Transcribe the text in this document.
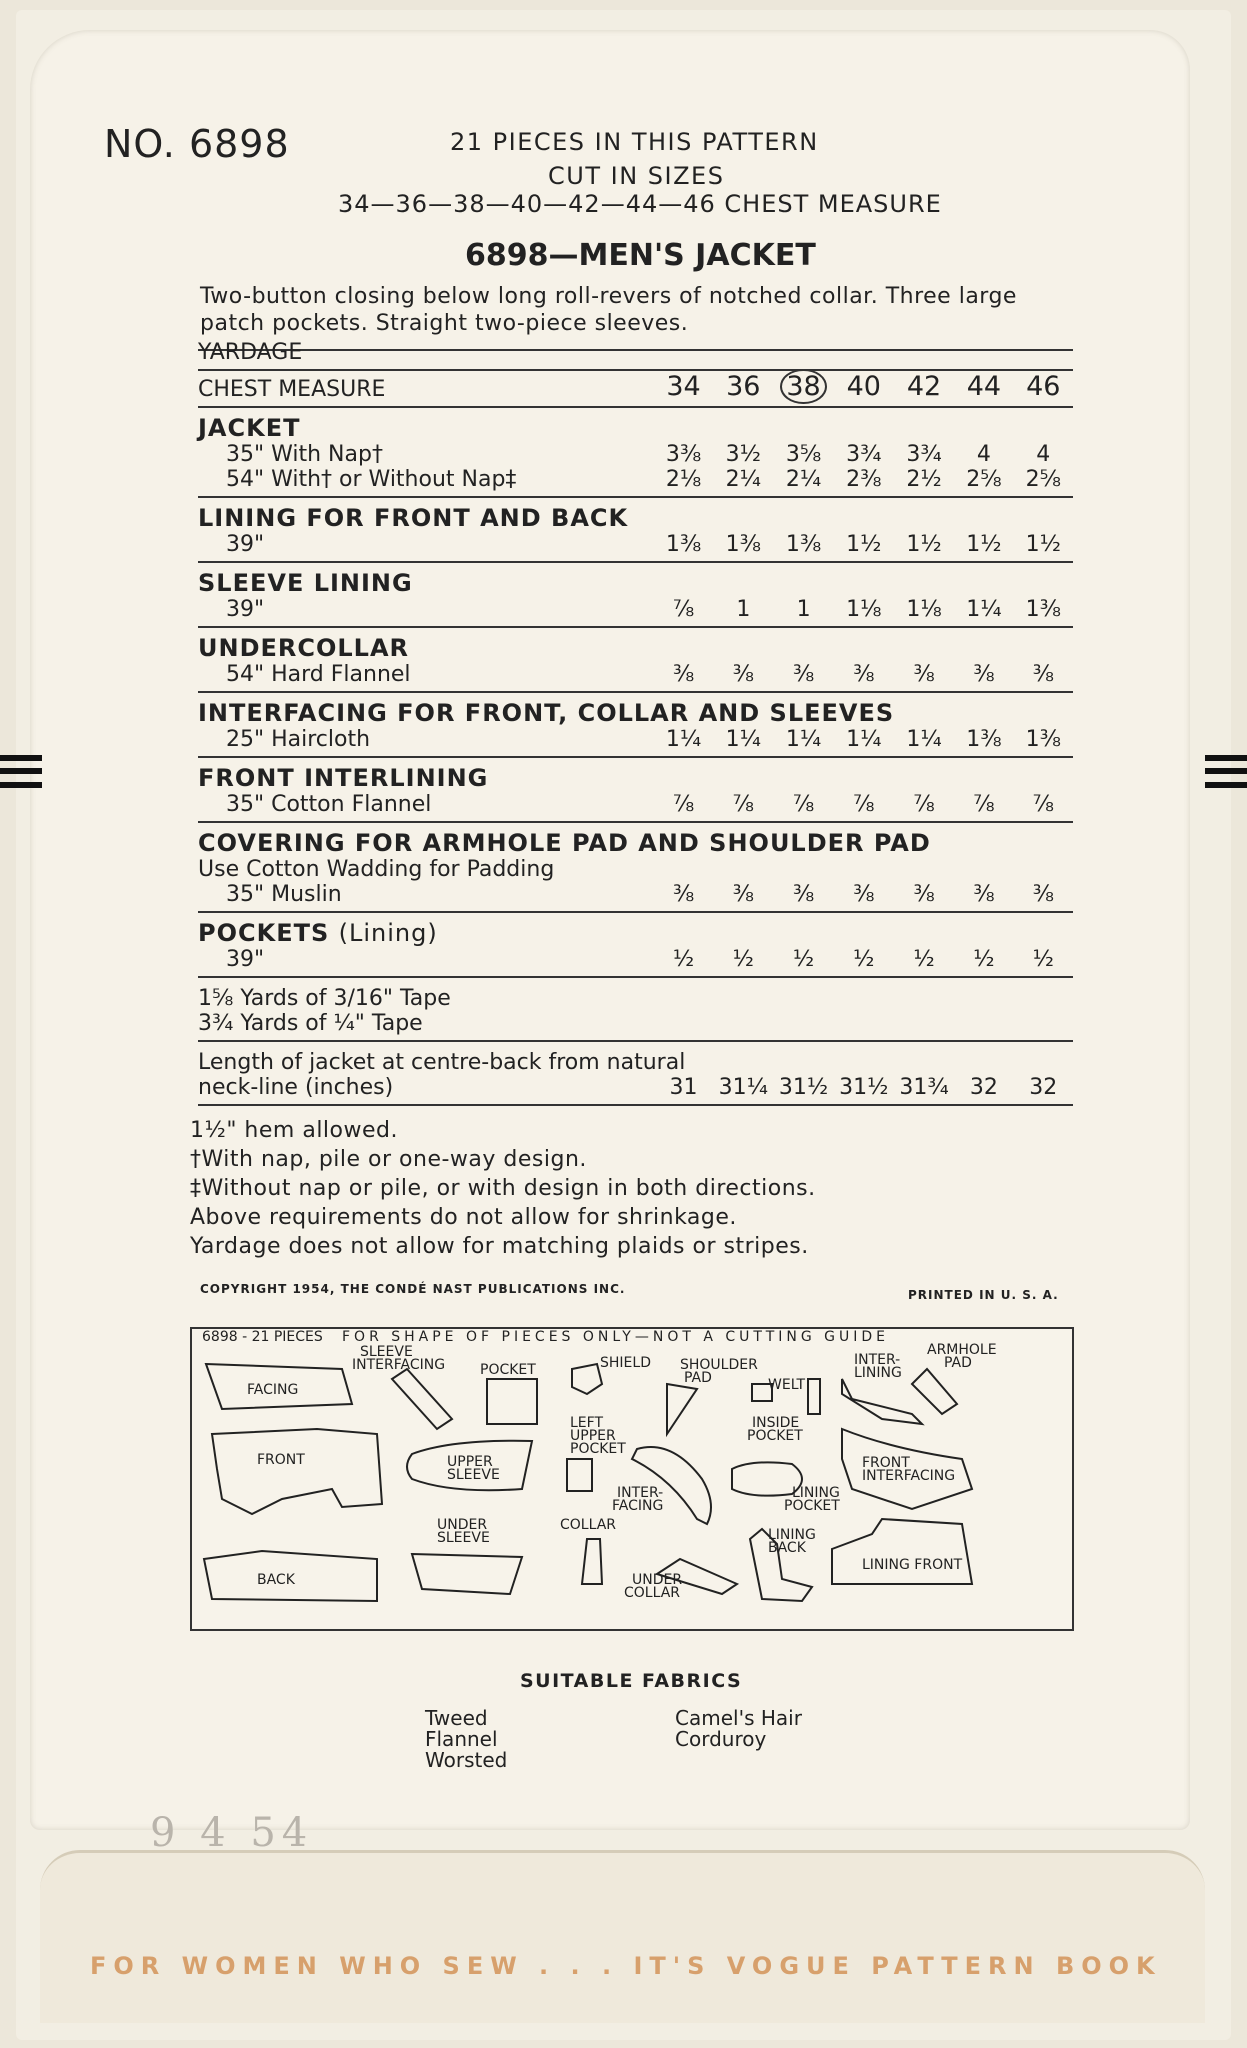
NO. 6898	21 PIECES IN THIS PATTERN
CUT IN SIZES
34—36—38—40—42—44—46 CHEST MEASURE
6898—MEN'S JACKET
Two-button closing below long roll-revers of notched collar. Three large patch pockets. Straight two-piece sleeves.
YARDAGE							
CHEST MEASURE	34	36	38	40	42	44	46
JACKET							
35" With Nap†	3⅜	3½	3⅝	3¾	3¾	4	4
54" With† or Without Nap‡	2⅛	2¼	2¼	2⅜	2½	2⅝	2⅝
LINING FOR FRONT AND BACK							
39"	1⅜	1⅜	1⅜	1½	1½	1½	1½
SLEEVE LINING							
39"	⅞	1	1	1⅛	1⅛	1¼	1⅜
UNDERCOLLAR							
54" Hard Flannel	⅜	⅜	⅜	⅜	⅜	⅜	⅜
INTERFACING FOR FRONT, COLLAR AND SLEEVES							
25" Haircloth	1¼	1¼	1¼	1¼	1¼	1⅜	1⅜
FRONT INTERLINING							
35" Cotton Flannel	⅞	⅞	⅞	⅞	⅞	⅞	⅞
COVERING FOR ARMHOLE PAD AND SHOULDER PAD							
Use Cotton Wadding for Padding							
35" Muslin	⅜	⅜	⅜	⅜	⅜	⅜	⅜
POCKETS (Lining)							
39"	½	½	½	½	½	½	½
1⅝ Yards of 3/16" Tape							
3¾ Yards of ¼" Tape							
Length of jacket at centre-back from natural							
neck-line (inches)	31	31¼	31½	31½	31¾	32	32
1½" hem allowed.
†With nap, pile or one-way design.
‡Without nap or pile, or with design in both directions.
Above requirements do not allow for shrinkage.
Yardage does not allow for matching plaids or stripes.
COPYRIGHT 1954, THE CONDÉ NAST PUBLICATIONS INC.	PRINTED IN U. S. A.
6898 - 21 PIECES FOR SHAPE OF PIECES ONLY—NOT A CUTTING GUIDE
FACING
FRONT
BACK
SLEEVE
INTERFACING POCKET
UPPER
SLEEVE
UNDER
SLEEVE
SHIELD SHOULDER
PAD
LEFT
UPPER
POCKET
INTER-
FACING
COLLAR
UNDER
COLLAR
INSIDE
POCKET
WELT
LINING
POCKET
LINING
BACK
INTER-
LINING
ARMHOLE
PAD
FRONT
INTERFACING
LINING FRONT
SUITABLE FABRICS
Tweed
Flannel
Worsted
Camel's Hair
Corduroy
9 4 54
FOR WOMEN WHO SEW . . . IT'S VOGUE PATTERN BOOK
